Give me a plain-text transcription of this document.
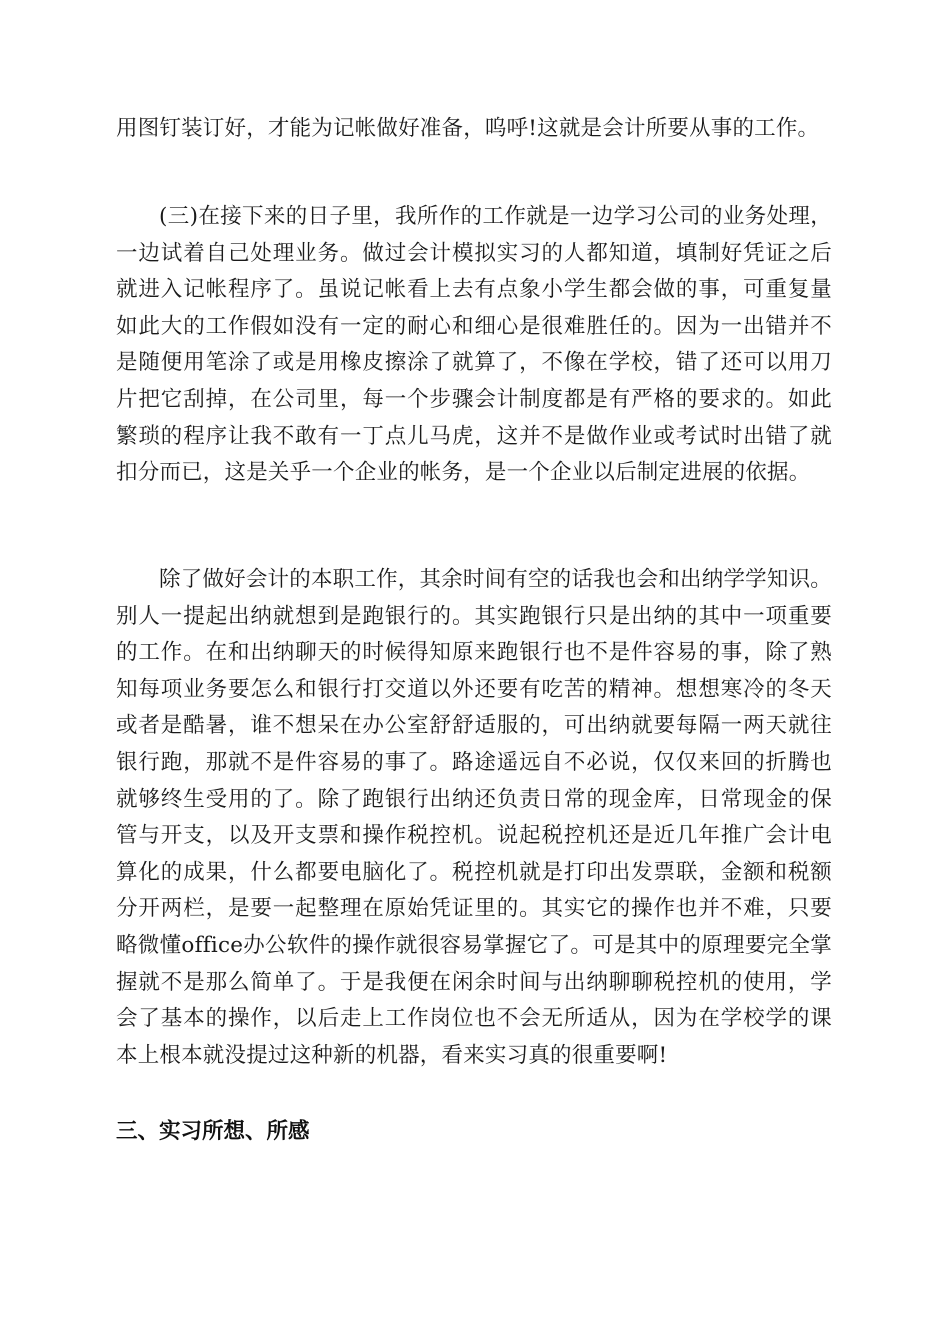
用图钉装订好，才能为记帐做好准备，呜呼!这就是会计所要从事的工作。

(三)在接下来的日子里，我所作的工作就是一边学习公司的业务处理，一边试着自己处理业务。做过会计模拟实习的人都知道，填制好凭证之后就进入记帐程序了。虽说记帐看上去有点象小学生都会做的事，可重复量如此大的工作假如没有一定的耐心和细心是很难胜任的。因为一出错并不是随便用笔涂了或是用橡皮擦涂了就算了，不像在学校，错了还可以用刀片把它刮掉，在公司里，每一个步骤会计制度都是有严格的要求的。如此繁琐的程序让我不敢有一丁点儿马虎，这并不是做作业或考试时出错了就扣分而已，这是关乎一个企业的帐务，是一个企业以后制定进展的依据。

除了做好会计的本职工作，其余时间有空的话我也会和出纳学学知识。别人一提起出纳就想到是跑银行的。其实跑银行只是出纳的其中一项重要的工作。在和出纳聊天的时候得知原来跑银行也不是件容易的事，除了熟知每项业务要怎么和银行打交道以外还要有吃苦的精神。想想寒冷的冬天或者是酷暑，谁不想呆在办公室舒舒适服的，可出纳就要每隔一两天就往银行跑，那就不是件容易的事了。路途遥远自不必说，仅仅来回的折腾也就够终生受用的了。除了跑银行出纳还负责日常的现金库，日常现金的保管与开支，以及开支票和操作税控机。说起税控机还是近几年推广会计电算化的成果，什么都要电脑化了。税控机就是打印出发票联，金额和税额分开两栏，是要一起整理在原始凭证里的。其实它的操作也并不难，只要略微懂office办公软件的操作就很容易掌握它了。可是其中的原理要完全掌握就不是那么简单了。于是我便在闲余时间与出纳聊聊税控机的使用，学会了基本的操作，以后走上工作岗位也不会无所适从，因为在学校学的课本上根本就没提过这种新的机器，看来实习真的很重要啊!

三、实习所想、所感
